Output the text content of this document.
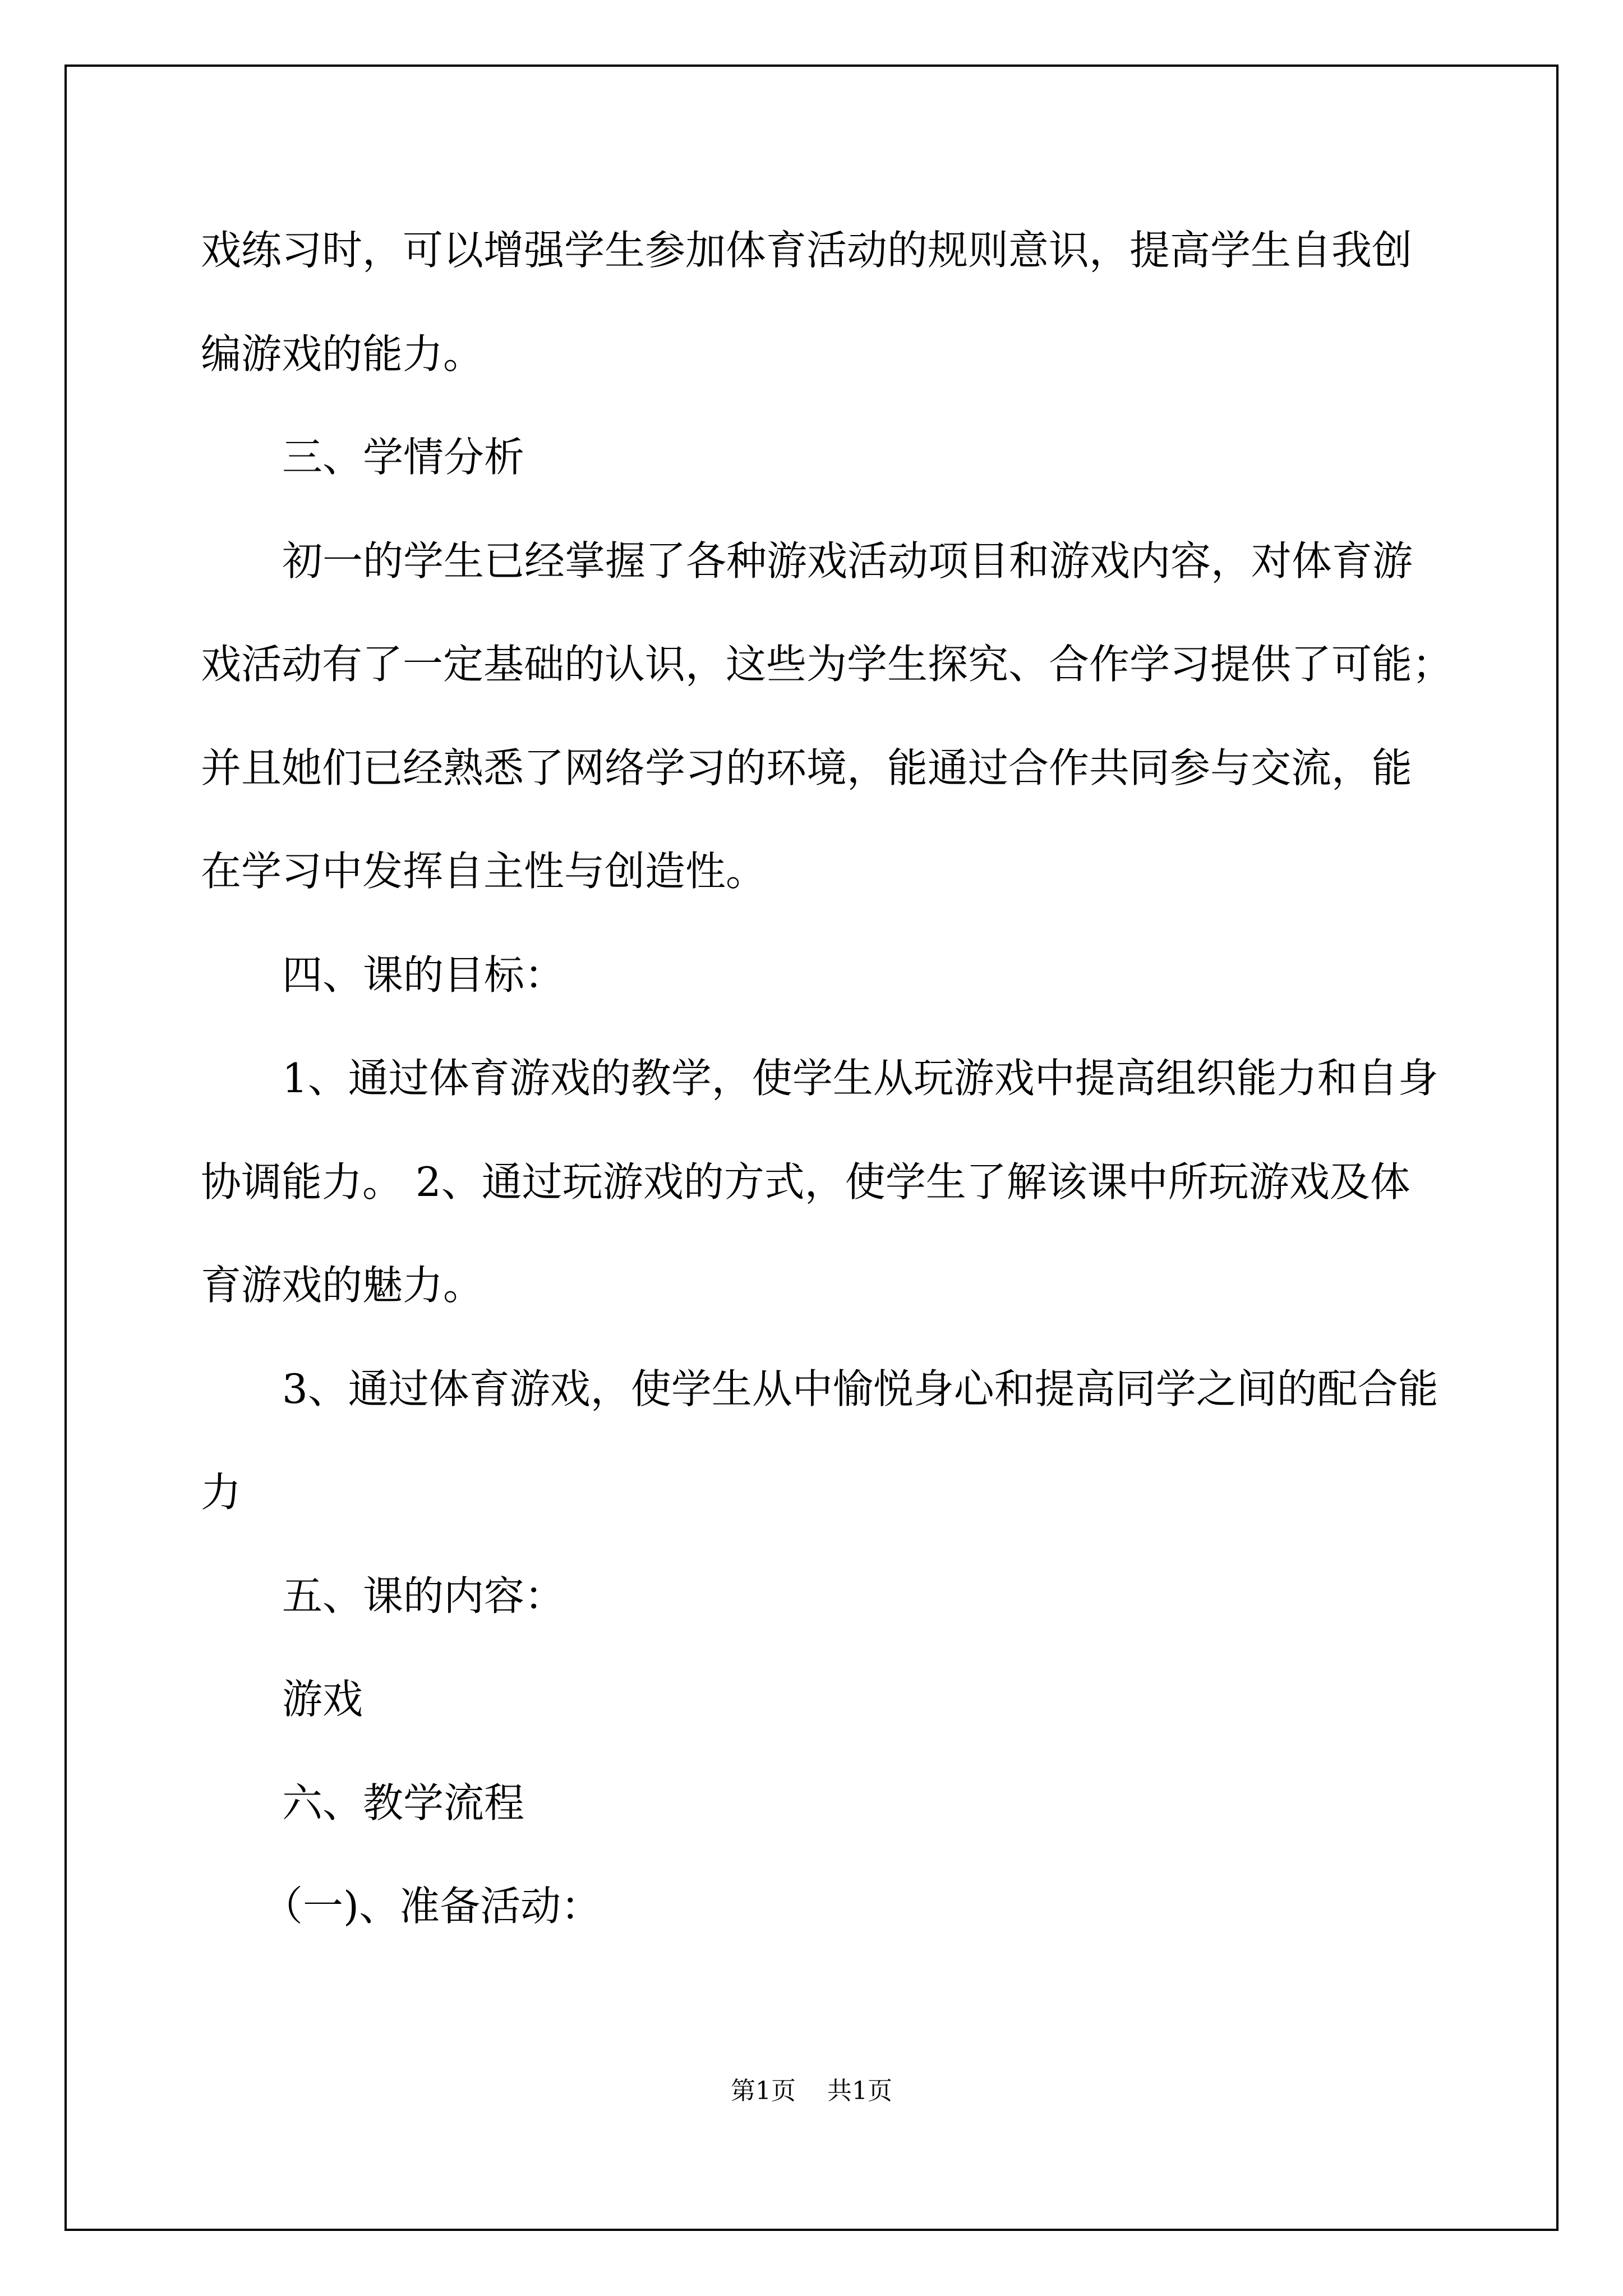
戏练习时，可以增强学生参加体育活动的规则意识，提高学生自我创

编游戏的能力。

三、学情分析

初一的学生已经掌握了各种游戏活动项目和游戏内容，对体育游

戏活动有了一定基础的认识，这些为学生探究、合作学习提供了可能；

并且她们已经熟悉了网络学习的环境，能通过合作共同参与交流，能

在学习中发挥自主性与创造性。

四、课的目标：

1、通过体育游戏的教学，使学生从玩游戏中提高组织能力和自身

协调能力。 2、通过玩游戏的方式，使学生了解该课中所玩游戏及体

育游戏的魅力。

3、通过体育游戏，使学生从中愉悦身心和提高同学之间的配合能

力

五、课的内容：

游戏

六、教学流程

（一)、准备活动：

第1页    共1页
